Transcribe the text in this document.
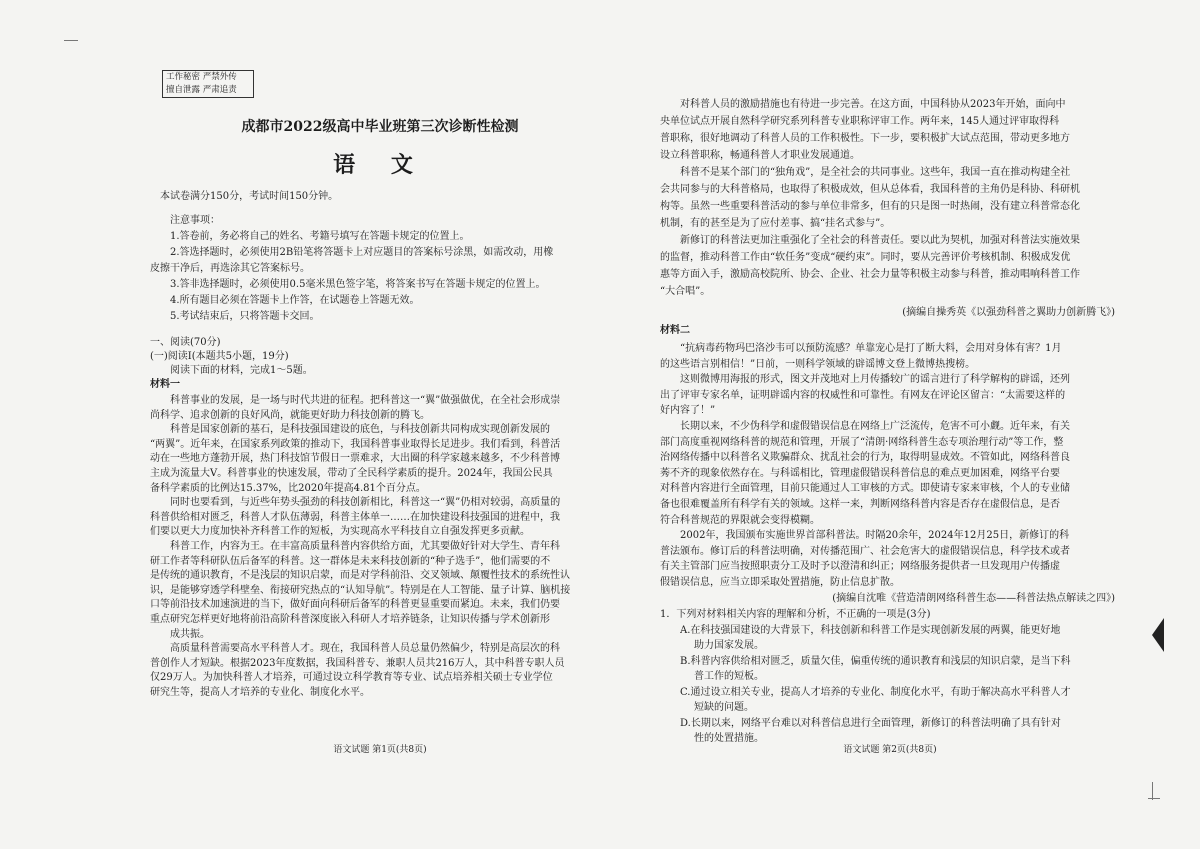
工作秘密 严禁外传
擅自泄露 严肃追责
成都市2022级高中毕业班第三次诊断性检测
语 文
本试卷满分150分，考试时间150分钟。
注意事项：
1.答卷前，务必将自己的姓名、考籍号填写在答题卡规定的位置上。
2.答选择题时，必须使用2B铅笔将答题卡上对应题目的答案标号涂黑，如需改动，用橡
皮擦干净后，再选涂其它答案标号。
3.答非选择题时，必须使用0.5毫米黑色签字笔，将答案书写在答题卡规定的位置上。
4.所有题目必须在答题卡上作答，在试题卷上答题无效。
5.考试结束后，只将答题卡交回。
一、阅读(70分)
(一)阅读Ⅰ(本题共5小题，19分)
阅读下面的材料，完成1～5题。
材料一
科普事业的发展，是一场与时代共进的征程。把科普这一“翼”做强做优，在全社会形成崇
尚科学、追求创新的良好风尚，就能更好助力科技创新的腾飞。
科普是国家创新的基石，是科技强国建设的底色，与科技创新共同构成实现创新发展的
“两翼”。近年来，在国家系列政策的推动下，我国科普事业取得长足进步。我们看到，科普活
动在一些地方蓬勃开展，热门科技馆节假日一票难求，大出圈的科学家越来越多，不少科普博
主成为流量大V。科普事业的快速发展，带动了全民科学素质的提升。2024年，我国公民具
备科学素质的比例达15.37%，比2020年提高4.81个百分点。
同时也要看到，与近些年势头强劲的科技创新相比，科普这一“翼”仍相对较弱，高质量的
科普供给相对匮乏，科普人才队伍薄弱，科普主体单一……在加快建设科技强国的进程中，我
们要以更大力度加快补齐科普工作的短板，为实现高水平科技自立自强发挥更多贡献。
科普工作，内容为王。在丰富高质量科普内容供给方面，尤其要做好针对大学生、青年科
研工作者等科研队伍后备军的科普。这一群体是未来科技创新的“种子选手”，他们需要的不
是传统的通识教育，不是浅层的知识启蒙，而是对学科前沿、交叉领域、颠覆性技术的系统性认
识，是能够穿透学科壁垒、衔接研究热点的“认知导航”。特别是在人工智能、量子计算、脑机接
口等前沿技术加速演进的当下，做好面向科研后备军的科普更显重要而紧迫。未来，我们仍要
重点研究怎样更好地将前沿高阶科普深度嵌入科研人才培养链条，让知识传播与学术创新形
成共振。
高质量科普需要高水平科普人才。现在，我国科普人员总量仍然偏少，特别是高层次的科
普创作人才短缺。根据2023年度数据，我国科普专、兼职人员共216万人，其中科普专职人员
仅29万人。为加快科普人才培养，可通过设立科学教育等专业、试点培养相关硕士专业学位
研究生等，提高人才培养的专业化、制度化水平。
语文试题 第1页(共8页)
对科普人员的激励措施也有待进一步完善。在这方面，中国科协从2023年开始，面向中
央单位试点开展自然科学研究系列科普专业职称评审工作。两年来，145人通过评审取得科
普职称，很好地调动了科普人员的工作积极性。下一步，要积极扩大试点范围，带动更多地方
设立科普职称，畅通科普人才职业发展通道。
科普不是某个部门的“独角戏”，是全社会的共同事业。这些年，我国一直在推动构建全社
会共同参与的大科普格局，也取得了积极成效，但从总体看，我国科普的主角仍是科协、科研机
构等。虽然一些重要科普活动的参与单位非常多，但有的只是图一时热闹，没有建立科普常态化
机制，有的甚至是为了应付差事、搞“挂名式参与”。
新修订的科普法更加注重强化了全社会的科普责任。要以此为契机，加强对科普法实施效果
的监督，推动科普工作由“软任务”变成“硬约束”。同时，要从完善评价考核机制、积极成发优
惠等方面入手，激励高校院所、协会、企业、社会力量等积极主动参与科普，推动唱响科普工作
“大合唱”。
(摘编自操秀英《以强劲科普之翼助力创新腾飞》)
材料二
“抗病毒药物玛巴洛沙韦可以预防流感？单靠宠心是打了断大料，会用对身体有害？1月
的这些语言别相信！”日前，一则科学领域的辟谣博文登上微博热搜榜。
这则微博用海报的形式，图文并茂地对上月传播较广的谣言进行了科学解构的辟谣，还列
出了评审专家名单，证明辟谣内容的权威性和可靠性。有网友在评论区留言：“太需要这样的
好内容了！”
长期以来，不少伪科学和虚假错误信息在网络上广泛流传，危害不可小觑。近年来，有关
部门高度重视网络科普的规范和管理，开展了“清朗·网络科普生态专项治理行动”等工作，整
治网络传播中以科普名义欺骗群众、扰乱社会的行为，取得明显成效。不管如此，网络科普良
莠不齐的现象依然存在。与科谣相比，管理虚假错误科普信息的难点更加困难，网络平台要
对科普内容进行全面管理，目前只能通过人工审核的方式。即使请专家来审核，个人的专业储
备也很难覆盖所有科学有关的领域。这样一来，判断网络科普内容是否存在虚假信息，是否
符合科普规范的界限就会变得模糊。
2002年，我国颁布实施世界首部科普法。时隔20余年，2024年12月25日，新修订的科
普法颁布。修订后的科普法明确，对传播范围广、社会危害大的虚假错误信息，科学技术或者
有关主管部门应当按照职责分工及时予以澄清和纠正；网络服务提供者一旦发现用户传播虚
假错误信息，应当立即采取处置措施，防止信息扩散。
(摘编自沈唯《营造清朗网络科普生态——科普法热点解读之四》)
1．下列对材料相关内容的理解和分析，不正确的一项是(3分)
A.在科技强国建设的大背景下，科技创新和科普工作是实现创新发展的两翼，能更好地
助力国家发展。
B.科普内容供给相对匮乏，质量欠佳，偏重传统的通识教育和浅层的知识启蒙，是当下科
普工作的短板。
C.通过设立相关专业，提高人才培养的专业化、制度化水平，有助于解决高水平科普人才
短缺的问题。
D.长期以来，网络平台难以对科普信息进行全面管理，新修订的科普法明确了具有针对
性的处置措施。
语文试题 第2页(共8页)
